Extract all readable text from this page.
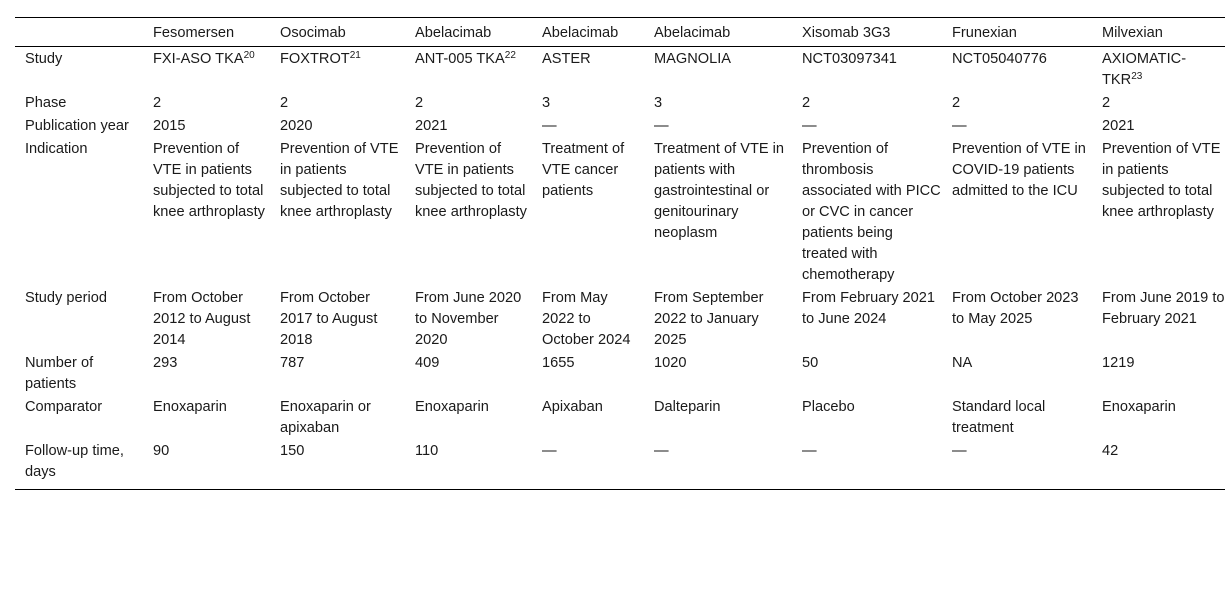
	Fesomersen	Osocimab	Abelacimab	Abelacimab	Abelacimab	Xisomab 3G3	Frunexian	Milvexian
Study	FXI-ASO TKA$^{20}$	FOXTROT$^{21}$	ANT-005 TKA$^{22}$	ASTER	MAGNOLIA	NCT03097341	NCT05040776	AXIOMATIC-TKR$^{23}$
Phase	2	2	2	3	3	2	2	2
Publication year	2015	2020	2021	—	—	—	—	2021
Indication	Prevention of VTE in patients subjected to total knee arthroplasty	Prevention of VTE in patients subjected to total knee arthroplasty	Prevention of VTE in patients subjected to total knee arthroplasty	Treatment of VTE cancer patients	Treatment of VTE in patients with gastrointestinal or genitourinary neoplasm	Prevention of thrombosis associated with PICC or CVC in cancer patients being treated with chemotherapy	Prevention of VTE in COVID-19 patients admitted to the ICU	Prevention of VTE in patients subjected to total knee arthroplasty
Study period	From October 2012 to August 2014	From October 2017 to August 2018	From June 2020 to November 2020	From May 2022 to October 2024	From September 2022 to January 2025	From February 2021 to June 2024	From October 2023 to May 2025	From June 2019 to February 2021
Number of patients	293	787	409	1655	1020	50	NA	1219
Comparator	Enoxaparin	Enoxaparin or apixaban	Enoxaparin	Apixaban	Dalteparin	Placebo	Standard local treatment	Enoxaparin
Follow-up time, days	90	150	110	—	—	—	—	42
